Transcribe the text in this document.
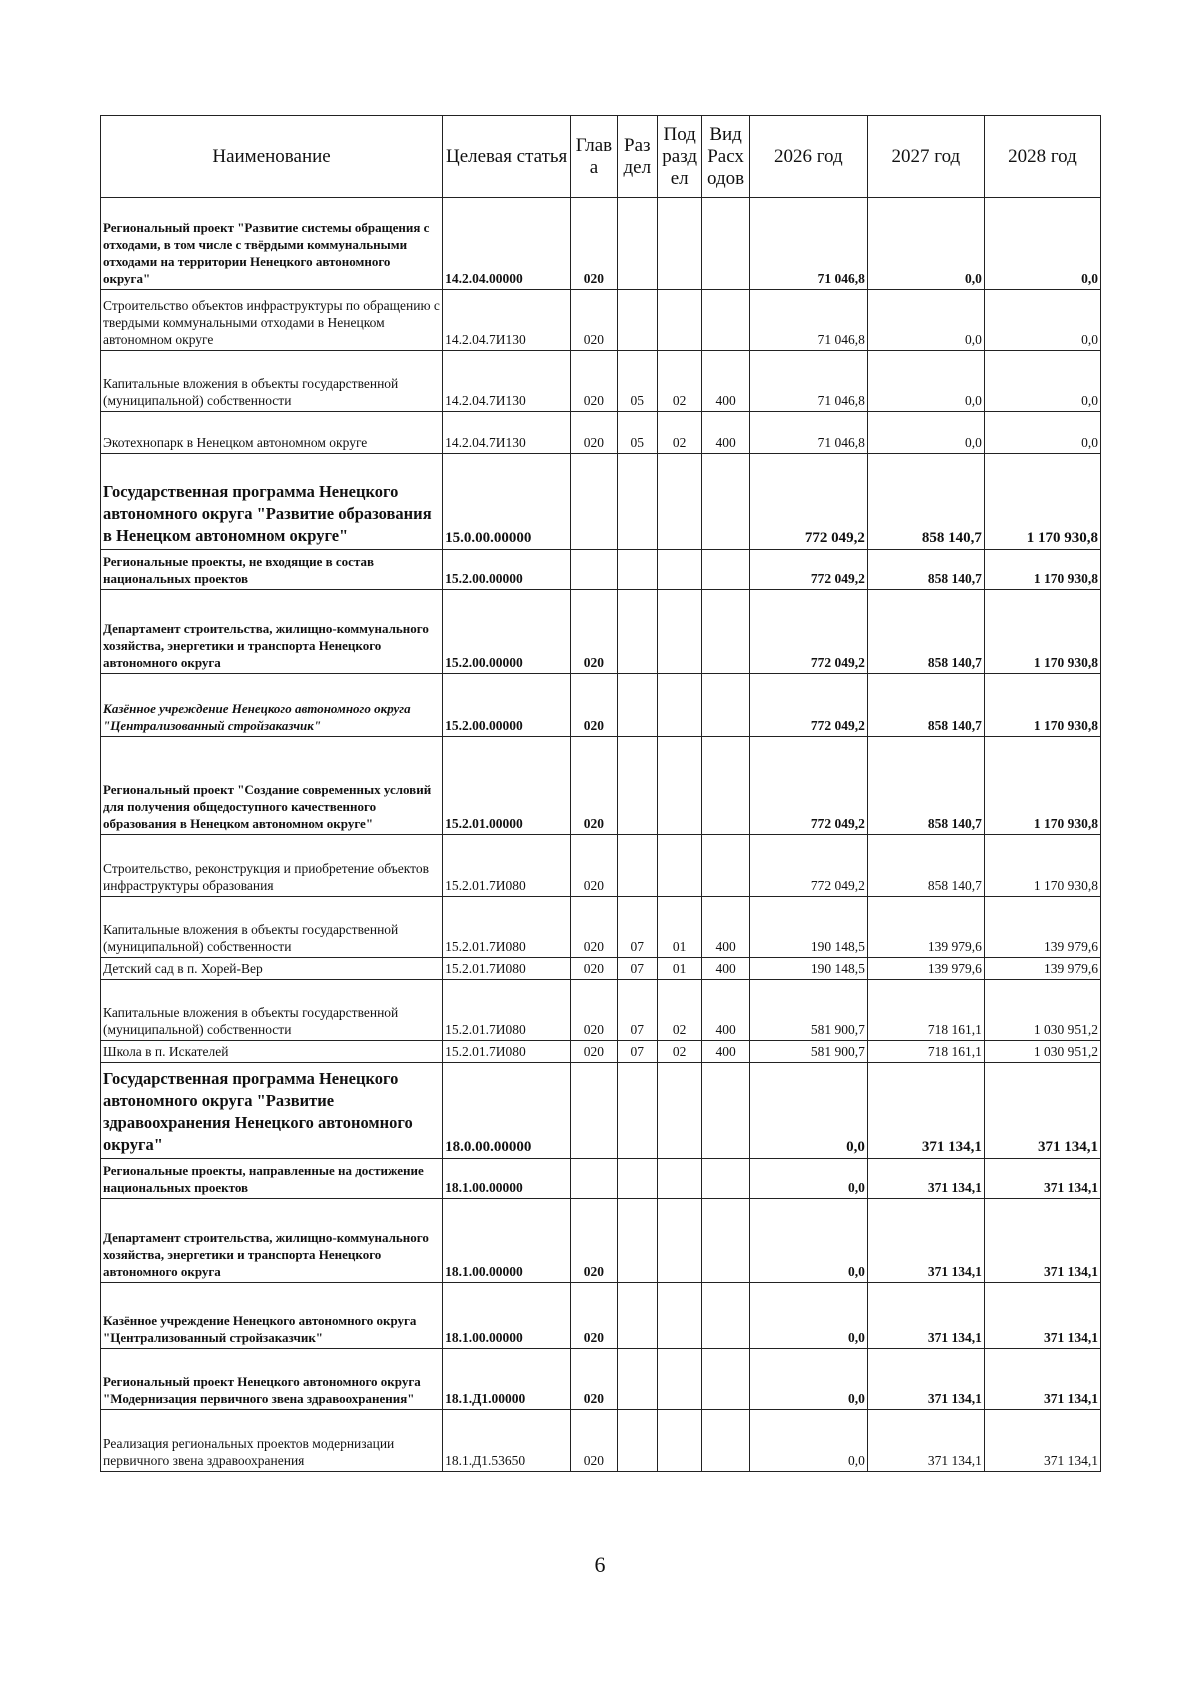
Наименование	Целевая статья	Глав а	Раз дел	Под разд ел	Вид Расх одов	2026 год	2027 год	2028 год
Региональный проект "Развитие системы обращения с отходами, в том числе с твёрдыми коммунальными отходами на территории Ненецкого автономного округа"	14.2.04.00000	020				71 046,8	0,0	0,0
Строительство объектов инфраструктуры по обращению с твердыми коммунальными отходами в Ненецком автономном округе	14.2.04.7И130	020				71 046,8	0,0	0,0
Капитальные вложения в объекты государственной (муниципальной) собственности	14.2.04.7И130	020	05	02	400	71 046,8	0,0	0,0
Экотехнопарк в Ненецком автономном округе	14.2.04.7И130	020	05	02	400	71 046,8	0,0	0,0
Государственная программа Ненецкого автономного округа "Развитие образования в Ненецком автономном округе"	15.0.00.00000					772 049,2	858 140,7	1 170 930,8
Региональные проекты, не входящие в состав национальных проектов	15.2.00.00000					772 049,2	858 140,7	1 170 930,8
Департамент строительства, жилищно-коммунального хозяйства, энергетики и транспорта Ненецкого автономного округа	15.2.00.00000	020				772 049,2	858 140,7	1 170 930,8
Казённое учреждение Ненецкого автономного округа "Централизованный стройзаказчик"	15.2.00.00000	020				772 049,2	858 140,7	1 170 930,8
Региональный проект "Создание современных условий для получения общедоступного качественного образования в Ненецком автономном округе"	15.2.01.00000	020				772 049,2	858 140,7	1 170 930,8
Строительство, реконструкция и приобретение объектов инфраструктуры образования	15.2.01.7И080	020				772 049,2	858 140,7	1 170 930,8
Капитальные вложения в объекты государственной (муниципальной) собственности	15.2.01.7И080	020	07	01	400	190 148,5	139 979,6	139 979,6
Детский сад в п. Хорей-Вер	15.2.01.7И080	020	07	01	400	190 148,5	139 979,6	139 979,6
Капитальные вложения в объекты государственной (муниципальной) собственности	15.2.01.7И080	020	07	02	400	581 900,7	718 161,1	1 030 951,2
Школа в п. Искателей	15.2.01.7И080	020	07	02	400	581 900,7	718 161,1	1 030 951,2
Государственная программа Ненецкого автономного округа "Развитие здравоохранения Ненецкого автономного округа"	18.0.00.00000					0,0	371 134,1	371 134,1
Региональные проекты, направленные на достижение национальных проектов	18.1.00.00000					0,0	371 134,1	371 134,1
Департамент строительства, жилищно-коммунального хозяйства, энергетики и транспорта Ненецкого автономного округа	18.1.00.00000	020				0,0	371 134,1	371 134,1
Казённое учреждение Ненецкого автономного округа "Централизованный стройзаказчик"	18.1.00.00000	020				0,0	371 134,1	371 134,1
Региональный проект Ненецкого автономного округа "Модернизация первичного звена здравоохранения"	18.1.Д1.00000	020				0,0	371 134,1	371 134,1
Реализация региональных проектов модернизации первичного звена здравоохранения	18.1.Д1.53650	020				0,0	371 134,1	371 134,1
6
